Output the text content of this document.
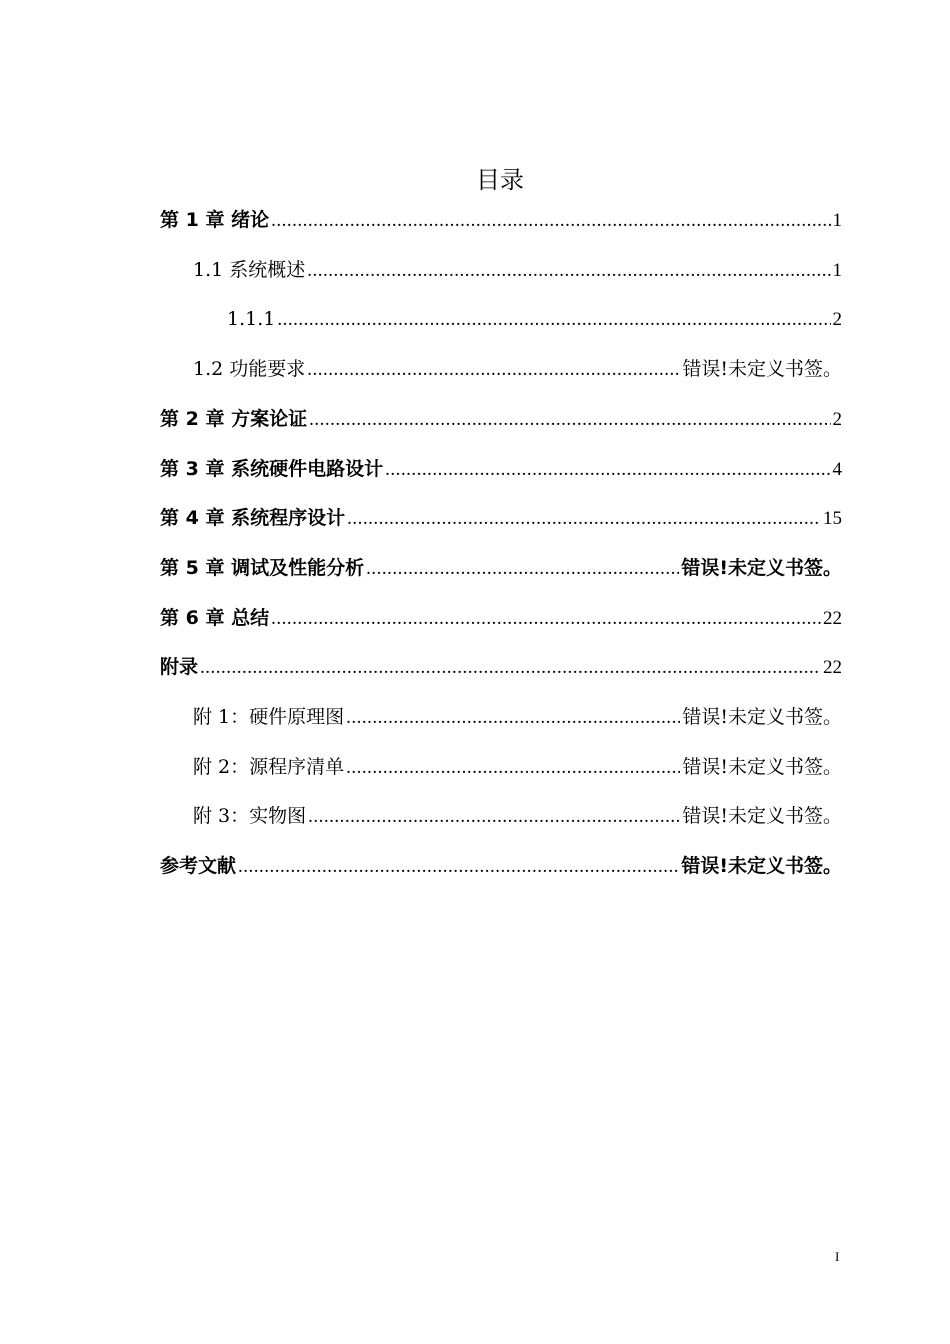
目录
第 1 章 绪论 .....	1
1.1 系统概述 .....	1
1.1.1 .....	2
1.2 功能要求 .....	错误!未定义书签。
第 2 章 方案论证 .....	2
第 3 章 系统硬件电路设计 .....	4
第 4 章 系统程序设计 .....	15
第 5 章 调试及性能分析 .....	错误!未定义书签。
第 6 章 总结 .....	22
附录 .....	22
附 1：硬件原理图 .....	错误!未定义书签。
附 2：源程序清单 .....	错误!未定义书签。
附 3：实物图 .....	错误!未定义书签。
参考文献 .....	错误!未定义书签。
I
